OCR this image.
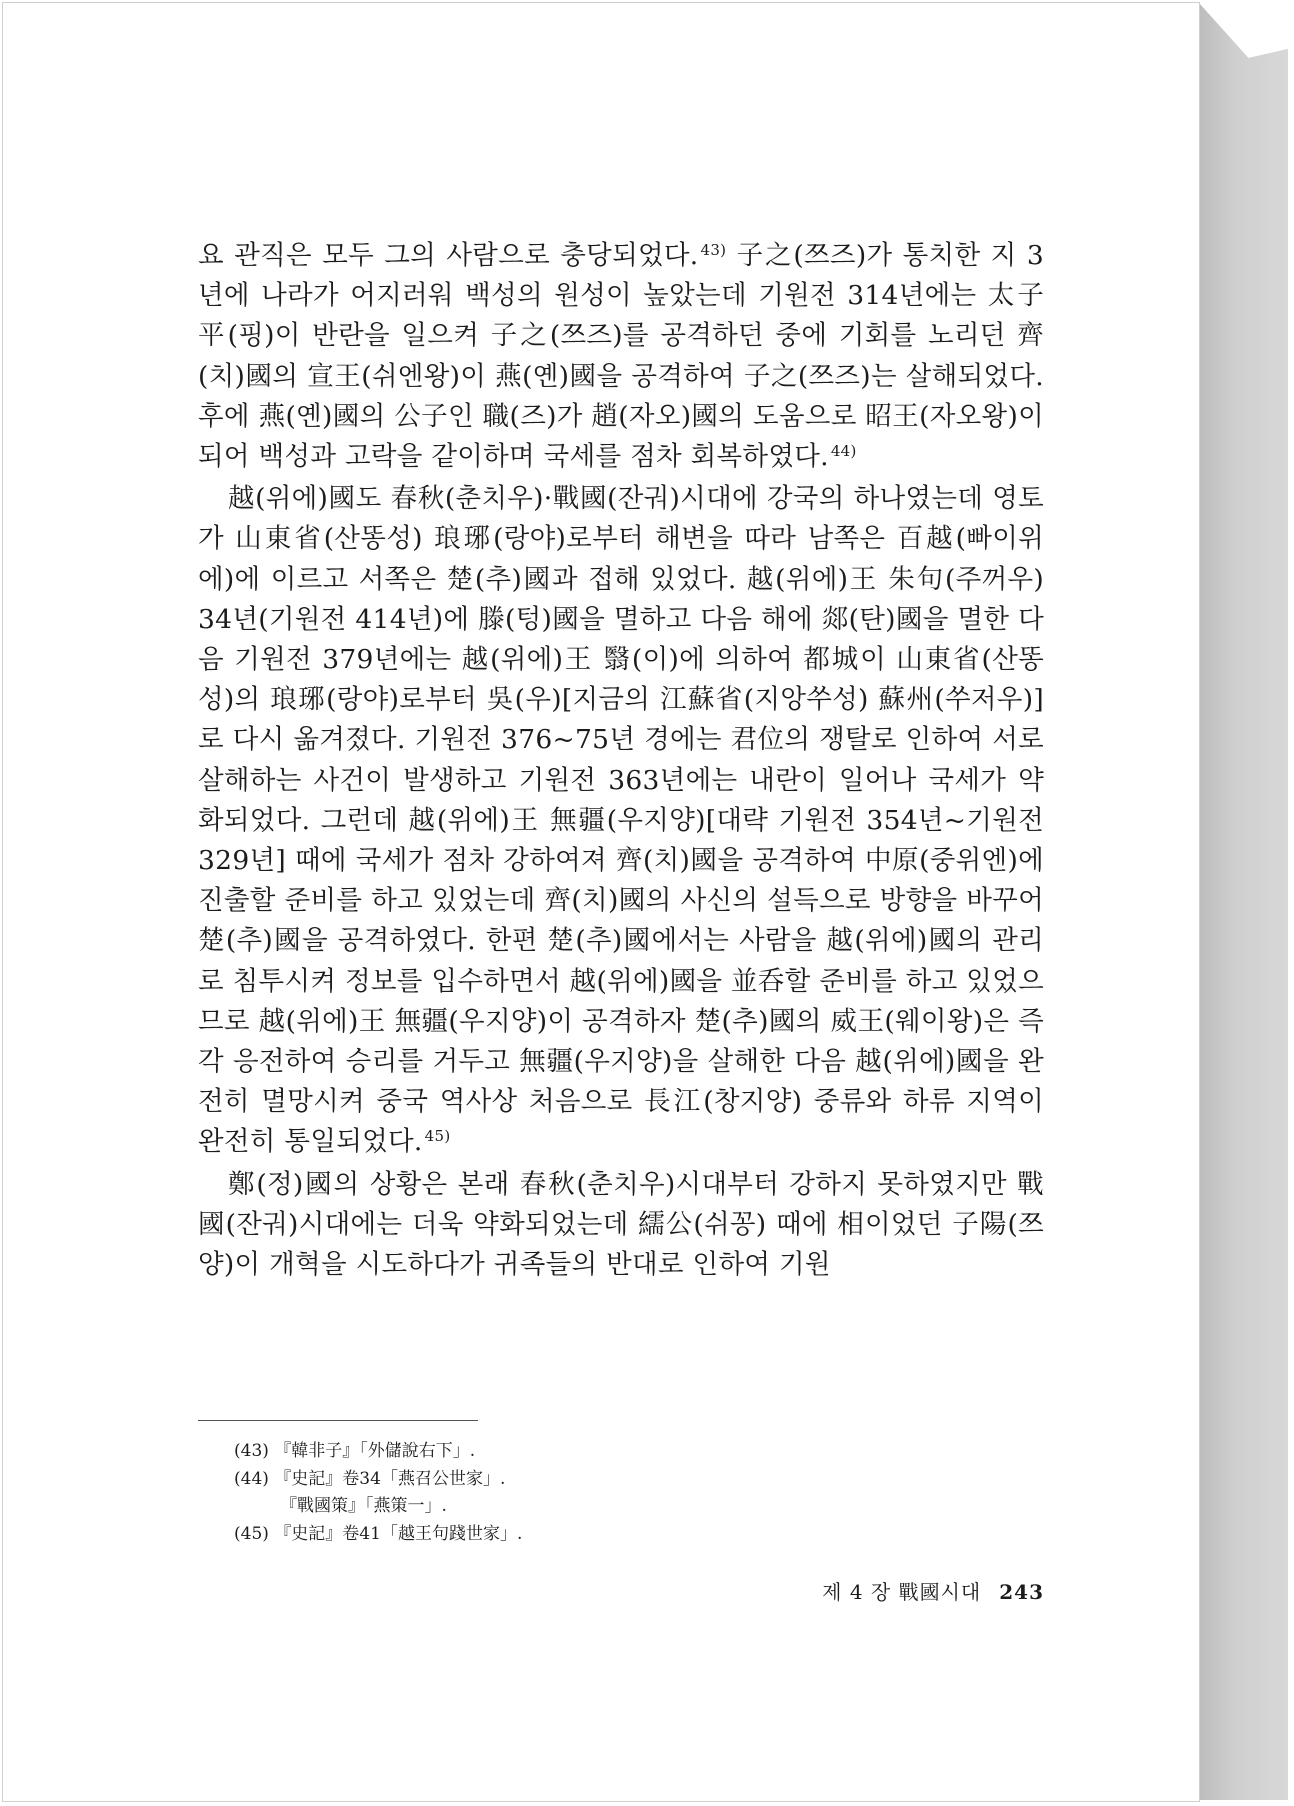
요 관직은 모두 그의 사람으로 충당되었다. $^{43)}$ 子之(쯔즈)가 통치한 지 3년에 나라가 어지러워 백성의 원성이 높았는데 기원전 314년에는 太子 平(핑)이 반란을 일으켜 子之(쯔즈)를 공격하던 중에 기회를 노리던 齊(치)國의 宣王(쉬엔왕)이 燕(옌)國을 공격하여 子之(쯔즈)는 살해되었다. 후에 燕(옌)國의 公子인 職(즈)가 趙(자오)國의 도움으로 昭王(자오왕)이 되어 백성과 고락을 같이하며 국세를 점차 회복하였다. $^{44)}$

越(위에)國도 春秋(춘치우)·戰國(잔궈)시대에 강국의 하나였는데 영토가 山東省(산똥성) 琅琊(랑야)로부터 해변을 따라 남쪽은 百越(빠이위에)에 이르고 서쪽은 楚(추)國과 접해 있었다. 越(위에)王 朱句(주꺼우) 34년(기원전 414년)에 滕(텅)國을 멸하고 다음 해에 郯(탄)國을 멸한 다음 기원전 379년에는 越(위에)王 翳(이)에 의하여 都城이 山東省(산똥성)의 琅琊(랑야)로부터 吳(우)[지금의 江蘇省(지앙쑤성) 蘇州(쑤저우)]로 다시 옮겨졌다. 기원전 376~75년 경에는 君位의 쟁탈로 인하여 서로 살해하는 사건이 발생하고 기원전 363년에는 내란이 일어나 국세가 약화되었다. 그런데 越(위에)王 無疆(우지양)[대략 기원전 354년~기원전 329년] 때에 국세가 점차 강하여져 齊(치)國을 공격하여 中原(중위엔)에 진출할 준비를 하고 있었는데 齊(치)國의 사신의 설득으로 방향을 바꾸어 楚(추)國을 공격하였다. 한편 楚(추)國에서는 사람을 越(위에)國의 관리로 침투시켜 정보를 입수하면서 越(위에)國을 並呑할 준비를 하고 있었으므로 越(위에)王 無疆(우지양)이 공격하자 楚(추)國의 威王(웨이왕)은 즉각 응전하여 승리를 거두고 無疆(우지양)을 살해한 다음 越(위에)國을 완전히 멸망시켜 중국 역사상 처음으로 長江(창지양) 중류와 하류 지역이 완전히 통일되었다. $^{45)}$

鄭(정)國의 상황은 본래 春秋(춘치우)시대부터 강하지 못하였지만 戰國(잔궈)시대에는 더욱 약화되었는데 繻公(쉬꽁) 때에 相이었던 子陽(쯔양)이 개혁을 시도하다가 귀족들의 반대로 인하여 기원

(43) 『韓非子』「外儲說右下」.

(44) 『史記』卷34「燕召公世家」.

『戰國策』「燕策一」.

(45) 『史記』卷41「越王句踐世家」.

제 4 장 戰國시대 243
